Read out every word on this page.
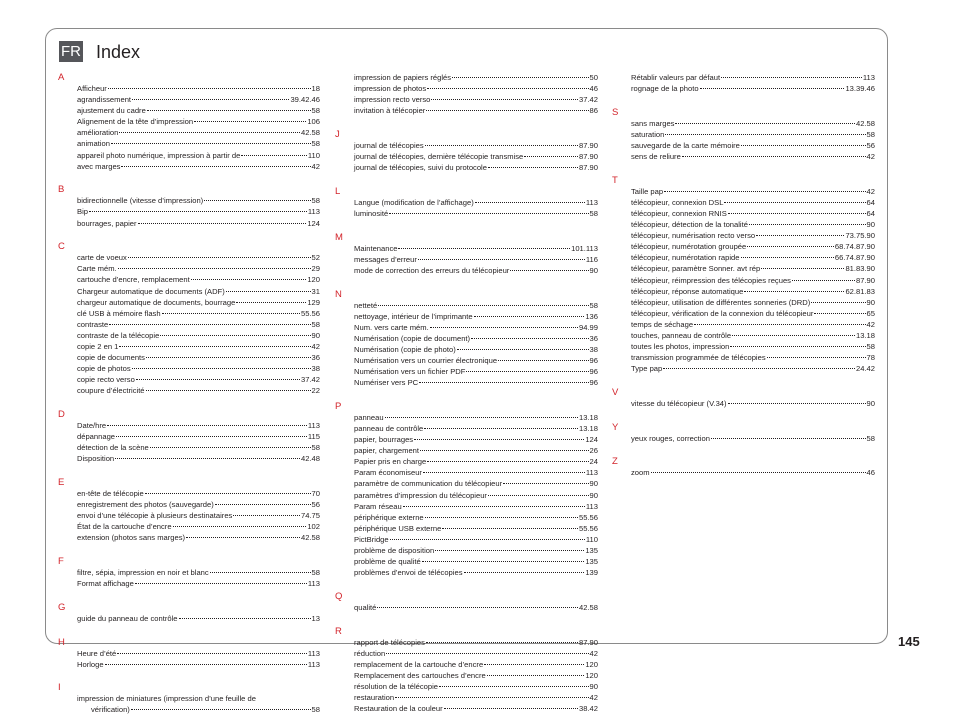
FR Index
A
Afficheur	18
agrandissement	39.42.46
ajustement du cadre	58
Alignement de la tête d’impression	106
amélioration	42.58
animation	58
appareil photo numérique, impression à partir de	110
avec marges	42
B
bidirectionnelle (vitesse d’impression)	58
Bip	113
bourrages, papier	124
C
carte de voeux	52
Carte mém.	29
cartouche d’encre, remplacement	120
Chargeur automatique de documents (ADF)	31
chargeur automatique de documents, bourrage	129
clé USB à mémoire flash	55.56
contraste	58
contraste de la télécopie	90
copie 2 en 1	42
copie de documents	36
copie de photos	38
copie recto verso	37.42
coupure d’électricité	22
D
Date/hre	113
dépannage	115
détection de la scène	58
Disposition	42.48
E
en-tête de télécopie	70
enregistrement des photos (sauvegarde)	56
envoi d’une télécopie à plusieurs destinataires	74.75
État de la cartouche d’encre	102
extension (photos sans marges)	42.58
F
filtre, sépia, impression en noir et blanc	58
Format affichage	113
G
guide du panneau de contrôle	13
H
Heure d’été	113
Horloge	113
I
impression de miniatures (impression d’une feuille de
vérification)	58
impression de papiers réglés	50
impression de photos	46
impression recto verso	37.42
invitation à télécopier	86
J
journal de télécopies	87.90
journal de télécopies, dernière télécopie transmise	87.90
journal de télécopies, suivi du protocole	87.90
L
Langue (modification de l’affichage)	113
luminosité	58
M
Maintenance	101.113
messages d’erreur	116
mode de correction des erreurs du télécopieur	90
N
netteté	58
nettoyage, intérieur de l’imprimante	136
Num. vers carte mém.	94.99
Numérisation (copie de document)	36
Numérisation (copie de photo)	38
Numérisation vers un courrier électronique	96
Numérisation vers un fichier PDF	96
Numériser vers PC	96
P
panneau	13.18
panneau de contrôle	13.18
papier, bourrages	124
papier, chargement	26
Papier pris en charge	24
Param économiseur	113
paramètre de communication du télécopieur	90
paramètres d’impression du télécopieur	90
Param réseau	113
périphérique externe	55.56
périphérique USB externe	55.56
PictBridge	110
problème de disposition	135
problème de qualité	135
problèmes d’envoi de télécopies	139
Q
qualité	42.58
R
rapport de télécopies	87.90
réduction	42
remplacement de la cartouche d’encre	120
Remplacement des cartouches d’encre	120
résolution de la télécopie	90
restauration	42
Restauration de la couleur	38.42
Rétablir valeurs par défaut	113
rognage de la photo	13.39.46
S
sans marges	42.58
saturation	58
sauvegarde de la carte mémoire	56
sens de reliure	42
T
Taille pap	42
télécopieur, connexion DSL	64
télécopieur, connexion RNIS	64
télécopieur, détection de la tonalité	90
télécopieur, numérisation recto verso	73.75.90
télécopieur, numérotation groupée	68.74.87.90
télécopieur, numérotation rapide	66.74.87.90
télécopieur, paramètre Sonner. avt rép	81.83.90
télécopieur, réimpression des télécopies reçues	87.90
télécopieur, réponse automatique	62.81.83
télécopieur, utilisation de différentes sonneries (DRD)	90
télécopieur, vérification de la connexion du télécopieur	65
temps de séchage	42
touches, panneau de contrôle	13.18
toutes les photos, impression	58
transmission programmée de télécopies	78
Type pap	24.42
V
vitesse du télécopieur (V.34)	90
Y
yeux rouges, correction	58
Z
zoom	46
145
